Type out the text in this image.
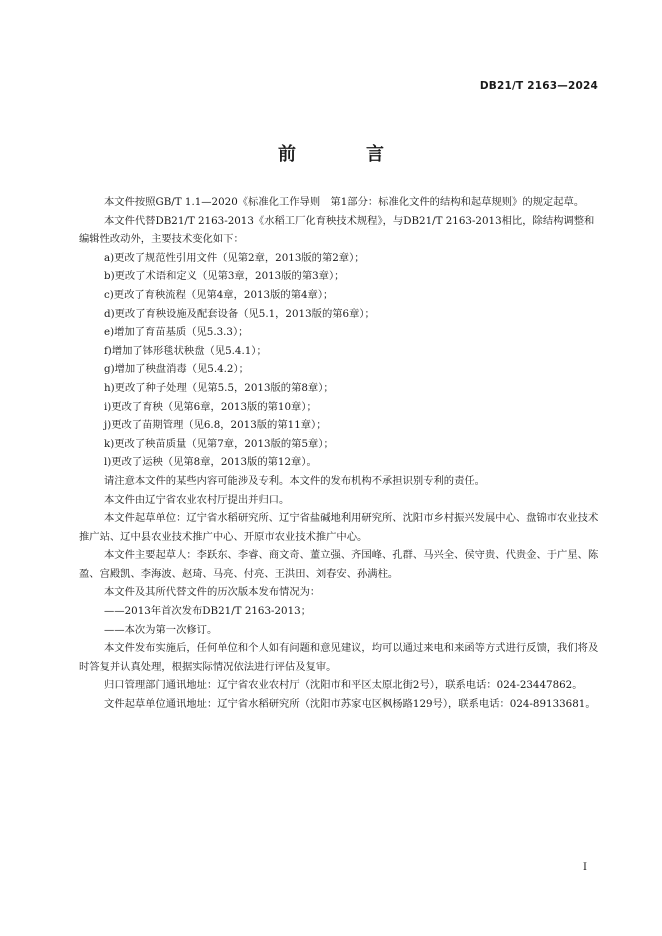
DB21/T 2163—2024
前　言

本文件按照GB/T 1.1—2020《标准化工作导则　第1部分：标准化文件的结构和起草规则》的规定起草。

本文件代替DB21/T 2163-2013《水稻工厂化育秧技术规程》，与DB21/T 2163-2013相比，除结构调整和编辑性改动外，主要技术变化如下：

a)更改了规范性引用文件（见第2章，2013版的第2章）；

b)更改了术语和定义（见第3章，2013版的第3章）；

c)更改了育秧流程（见第4章，2013版的第4章）；

d)更改了育秧设施及配套设备（见5.1，2013版的第6章）；

e)增加了育苗基质（见5.3.3）；

f)增加了钵形毯状秧盘（见5.4.1）；

g)增加了秧盘消毒（见5.4.2）；

h)更改了种子处理（见第5.5，2013版的第8章）；

i)更改了育秧（见第6章，2013版的第10章）；

j)更改了苗期管理（见6.8，2013版的第11章）；

k)更改了秧苗质量（见第7章，2013版的第5章）；

l)更改了运秧（见第8章，2013版的第12章）。

请注意本文件的某些内容可能涉及专利。本文件的发布机构不承担识别专利的责任。

本文件由辽宁省农业农村厅提出并归口。

本文件起草单位：辽宁省水稻研究所、辽宁省盐碱地利用研究所、沈阳市乡村振兴发展中心、盘锦市农业技术推广站、辽中县农业技术推广中心、开原市农业技术推广中心。

本文件主要起草人：李跃东、李睿、商文奇、董立强、齐国峰、孔群、马兴全、侯守贵、代贵金、于广星、陈盈、宫殿凯、李海波、赵琦、马亮、付亮、王洪田、刘春安、孙满柱。

本文件及其所代替文件的历次版本发布情况为：

——2013年首次发布DB21/T 2163-2013；

——本次为第一次修订。

本文件发布实施后，任何单位和个人如有问题和意见建议，均可以通过来电和来函等方式进行反馈，我们将及时答复并认真处理，根据实际情况依法进行评估及复审。

归口管理部门通讯地址：辽宁省农业农村厅（沈阳市和平区太原北街2号），联系电话：024-23447862。

文件起草单位通讯地址：辽宁省水稻研究所（沈阳市苏家屯区枫杨路129号），联系电话：024-89133681。

I
